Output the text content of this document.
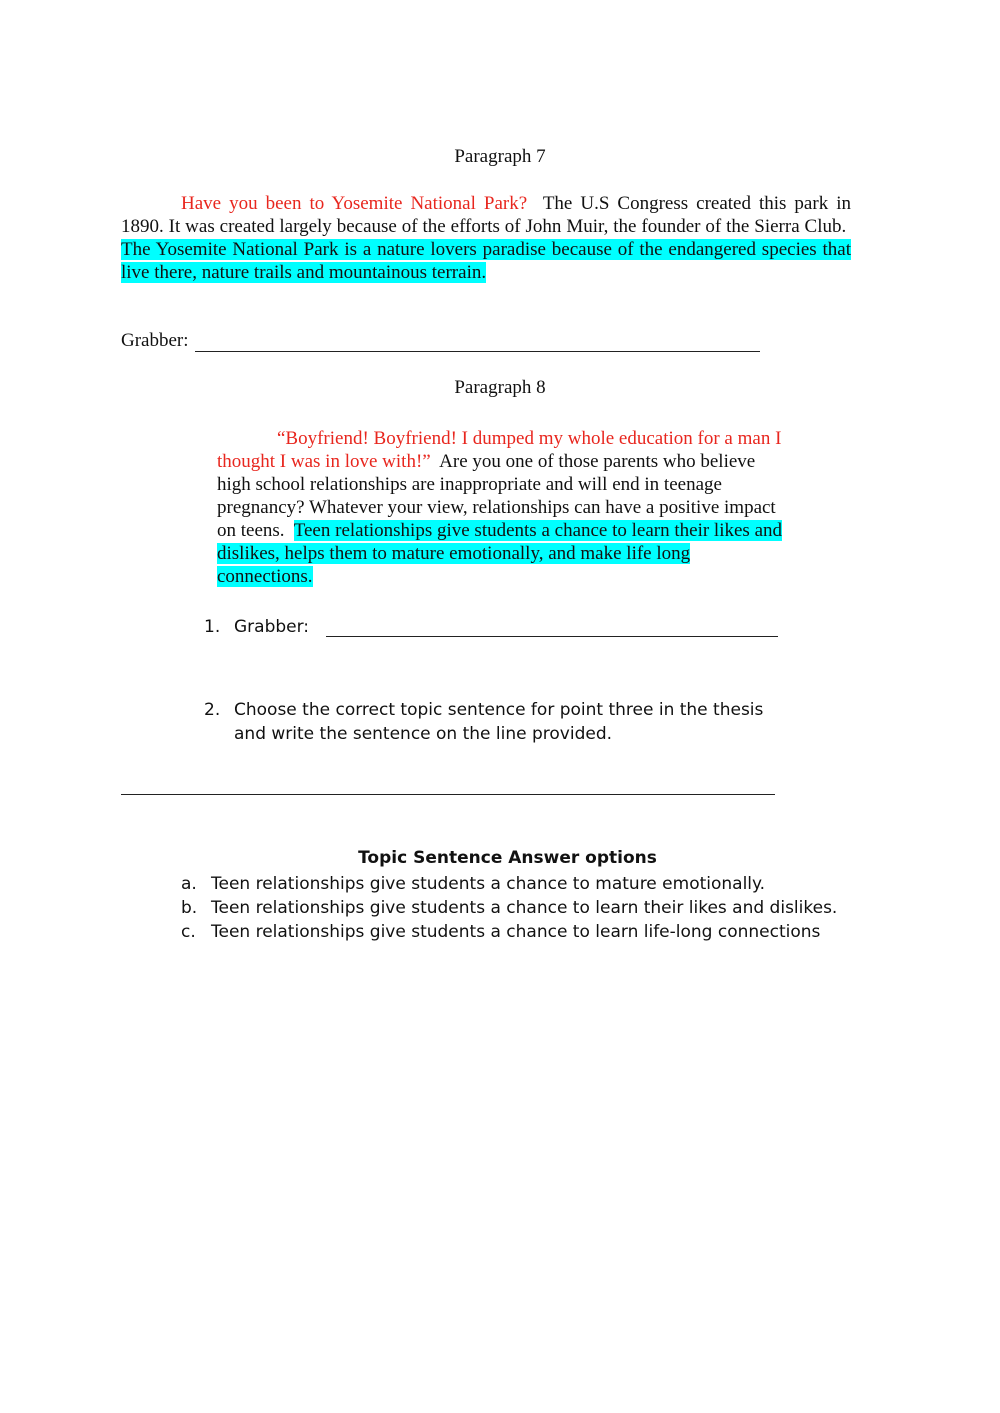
Paragraph 7

Have you been to Yosemite National Park? The U.S Congress created this park in 1890. It was created largely because of the efforts of John Muir, the founder of the Sierra Club.  The Yosemite National Park is a nature lovers paradise because of the endangered species that live there, nature trails and mountainous terrain.

Grabber:
Paragraph 8

“Boyfriend! Boyfriend! I dumped my whole education for a man I thought I was in love with!” Are you one of those parents who believe high school relationships are inappropriate and will end in teenage pregnancy? Whatever your view, relationships can have a positive impact on teens. Teen relationships give students a chance to learn their likes and dislikes, helps them to mature emotionally, and make life long connections.

1. Grabber:
2. Choose the correct topic sentence for point three in the thesis and write the sentence on the line provided.
Topic Sentence Answer options
a. Teen relationships give students a chance to mature emotionally.
b. Teen relationships give students a chance to learn their likes and dislikes.
c. Teen relationships give students a chance to learn life-long connections
